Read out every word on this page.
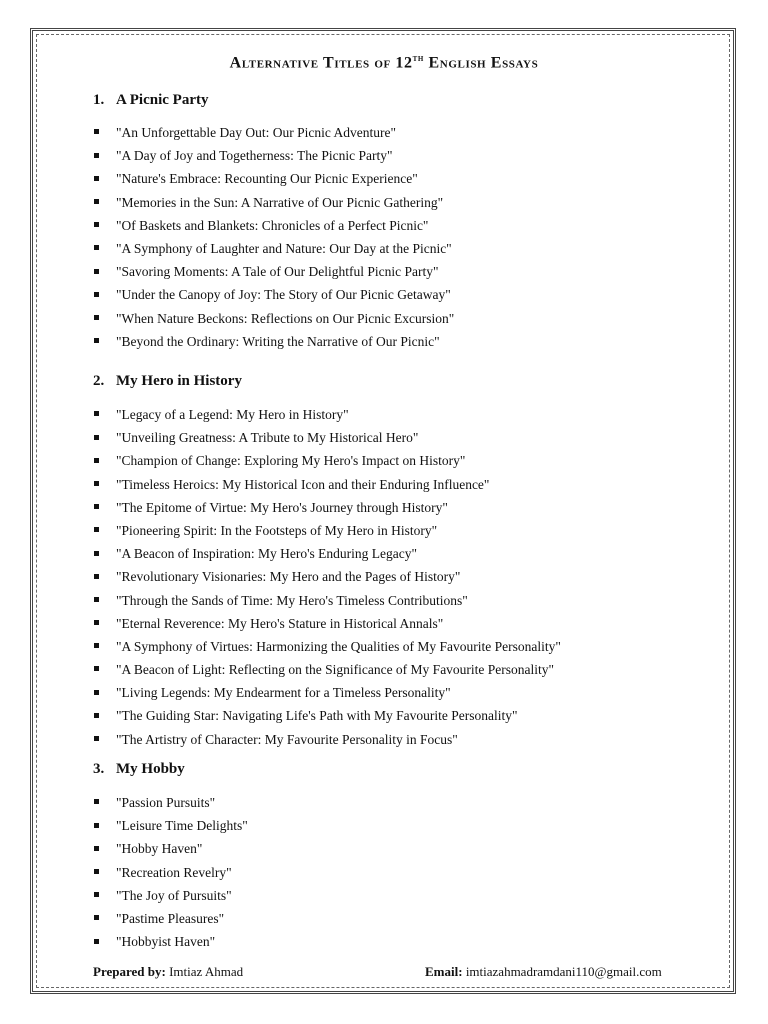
Alternative Titles of 12th English Essays
1. A Picnic Party
"An Unforgettable Day Out: Our Picnic Adventure"
"A Day of Joy and Togetherness: The Picnic Party"
"Nature's Embrace: Recounting Our Picnic Experience"
"Memories in the Sun: A Narrative of Our Picnic Gathering"
"Of Baskets and Blankets: Chronicles of a Perfect Picnic"
"A Symphony of Laughter and Nature: Our Day at the Picnic"
"Savoring Moments: A Tale of Our Delightful Picnic Party"
"Under the Canopy of Joy: The Story of Our Picnic Getaway"
"When Nature Beckons: Reflections on Our Picnic Excursion"
"Beyond the Ordinary: Writing the Narrative of Our Picnic"
2. My Hero in History
"Legacy of a Legend: My Hero in History"
"Unveiling Greatness: A Tribute to My Historical Hero"
"Champion of Change: Exploring My Hero's Impact on History"
"Timeless Heroics: My Historical Icon and their Enduring Influence"
"The Epitome of Virtue: My Hero's Journey through History"
"Pioneering Spirit: In the Footsteps of My Hero in History"
"A Beacon of Inspiration: My Hero's Enduring Legacy"
"Revolutionary Visionaries: My Hero and the Pages of History"
"Through the Sands of Time: My Hero's Timeless Contributions"
"Eternal Reverence: My Hero's Stature in Historical Annals"
"A Symphony of Virtues: Harmonizing the Qualities of My Favourite Personality"
"A Beacon of Light: Reflecting on the Significance of My Favourite Personality"
"Living Legends: My Endearment for a Timeless Personality"
"The Guiding Star: Navigating Life's Path with My Favourite Personality"
"The Artistry of Character: My Favourite Personality in Focus"
3. My Hobby
"Passion Pursuits"
"Leisure Time Delights"
"Hobby Haven"
"Recreation Revelry"
"The Joy of Pursuits"
"Pastime Pleasures"
"Hobbyist Haven"
Prepared by: Imtiaz Ahmad	Email: imtiazahmadramdani110@gmail.com
